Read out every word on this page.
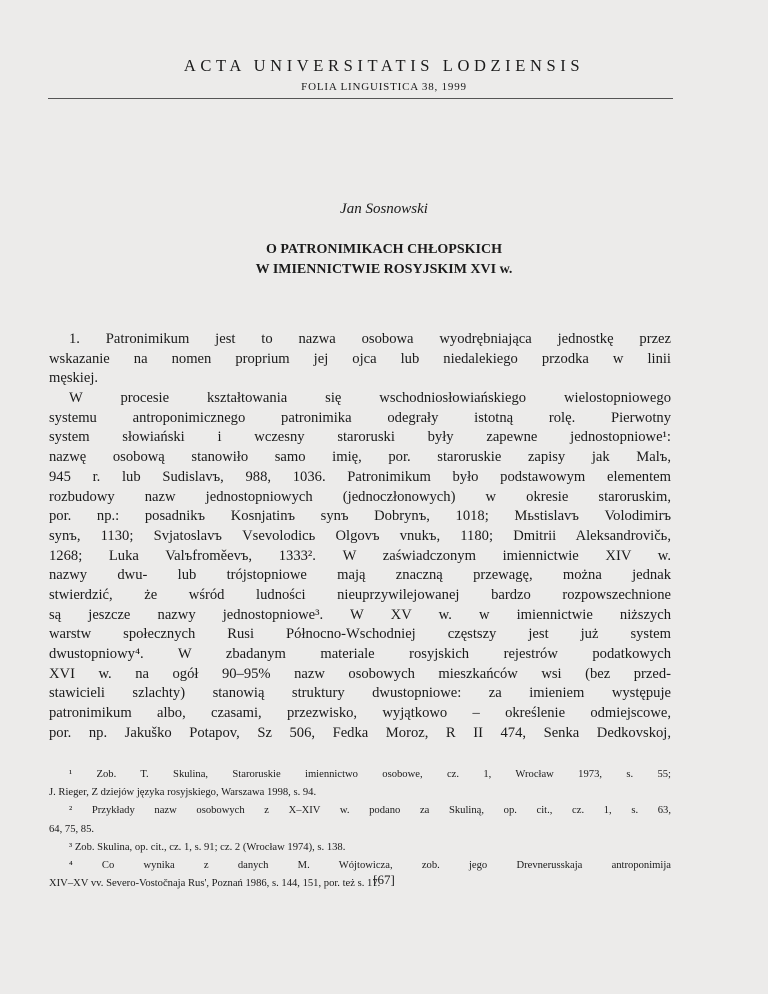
ACTA UNIVERSITATIS LODZIENSIS
FOLIA LINGUISTICA 38, 1999
Jan Sosnowski
O PATRONIMIKACH CHŁOPSKICH
W IMIENNICTWIE ROSYJSKIM XVI w.
1. Patronimikum jest to nazwa osobowa wyodrębniająca jednostkę przez
wskazanie na nomen proprium jej ojca lub niedalekiego przodka w linii
męskiej.
W procesie kształtowania się wschodniosłowiańskiego wielostopniowego
systemu antroponimicznego patronimika odegrały istotną rolę. Pierwotny
system słowiański i wczesny staroruski były zapewne jednostopniowe¹:
nazwę osobową stanowiło samo imię, por. staroruskie zapisy jak Malъ,
945 r. lub Sudislavъ, 988, 1036. Patronimikum było podstawowym elementem
rozbudowy nazw jednostopniowych (jednoczłonowych) w okresie staroruskim,
por. np.: posadnikъ Kosnjatinъ synъ Dobrynъ, 1018; Mьstislavъ Volodimirъ
synъ, 1130; Svjatoslavъ Vsevolodicь Olgovъ vnukъ, 1180; Dmitrii Aleksandrovičь,
1268; Luka Valъfroměevъ, 1333². W zaświadczonym imiennictwie XIV w.
nazwy dwu- lub trójstopniowe mają znaczną przewagę, można jednak
stwierdzić, że wśród ludności nieuprzywilejowanej bardzo rozpowszechnione
są jeszcze nazwy jednostopniowe³. W XV w. w imiennictwie niższych
warstw społecznych Rusi Północno-Wschodniej częstszy jest już system
dwustopniowy⁴. W zbadanym materiale rosyjskich rejestrów podatkowych
XVI w. na ogół 90–95% nazw osobowych mieszkańców wsi (bez przed-
stawicieli szlachty) stanowią struktury dwustopniowe: za imieniem występuje
patronimikum albo, czasami, przezwisko, wyjątkowo – określenie odmiejscowe,
por. np. Jakuško Potapov, Sz 506, Fedka Moroz, R II 474, Senka Dedkovskoj,
¹ Zob. T. Skulina, Staroruskie imiennictwo osobowe, cz. 1, Wrocław 1973, s. 55;
J. Rieger, Z dziejów języka rosyjskiego, Warszawa 1998, s. 94.
² Przykłady nazw osobowych z X–XIV w. podano za Skuliną, op. cit., cz. 1, s. 63,
64, 75, 85.
³ Zob. Skulina, op. cit., cz. 1, s. 91; cz. 2 (Wrocław 1974), s. 138.
⁴ Co wynika z danych M. Wójtowicza, zob. jego Drevnerusskaja antroponimija
XIV–XV vv. Severo-Vostočnaja Rus', Poznań 1986, s. 144, 151, por. też s. 17.
[67]
